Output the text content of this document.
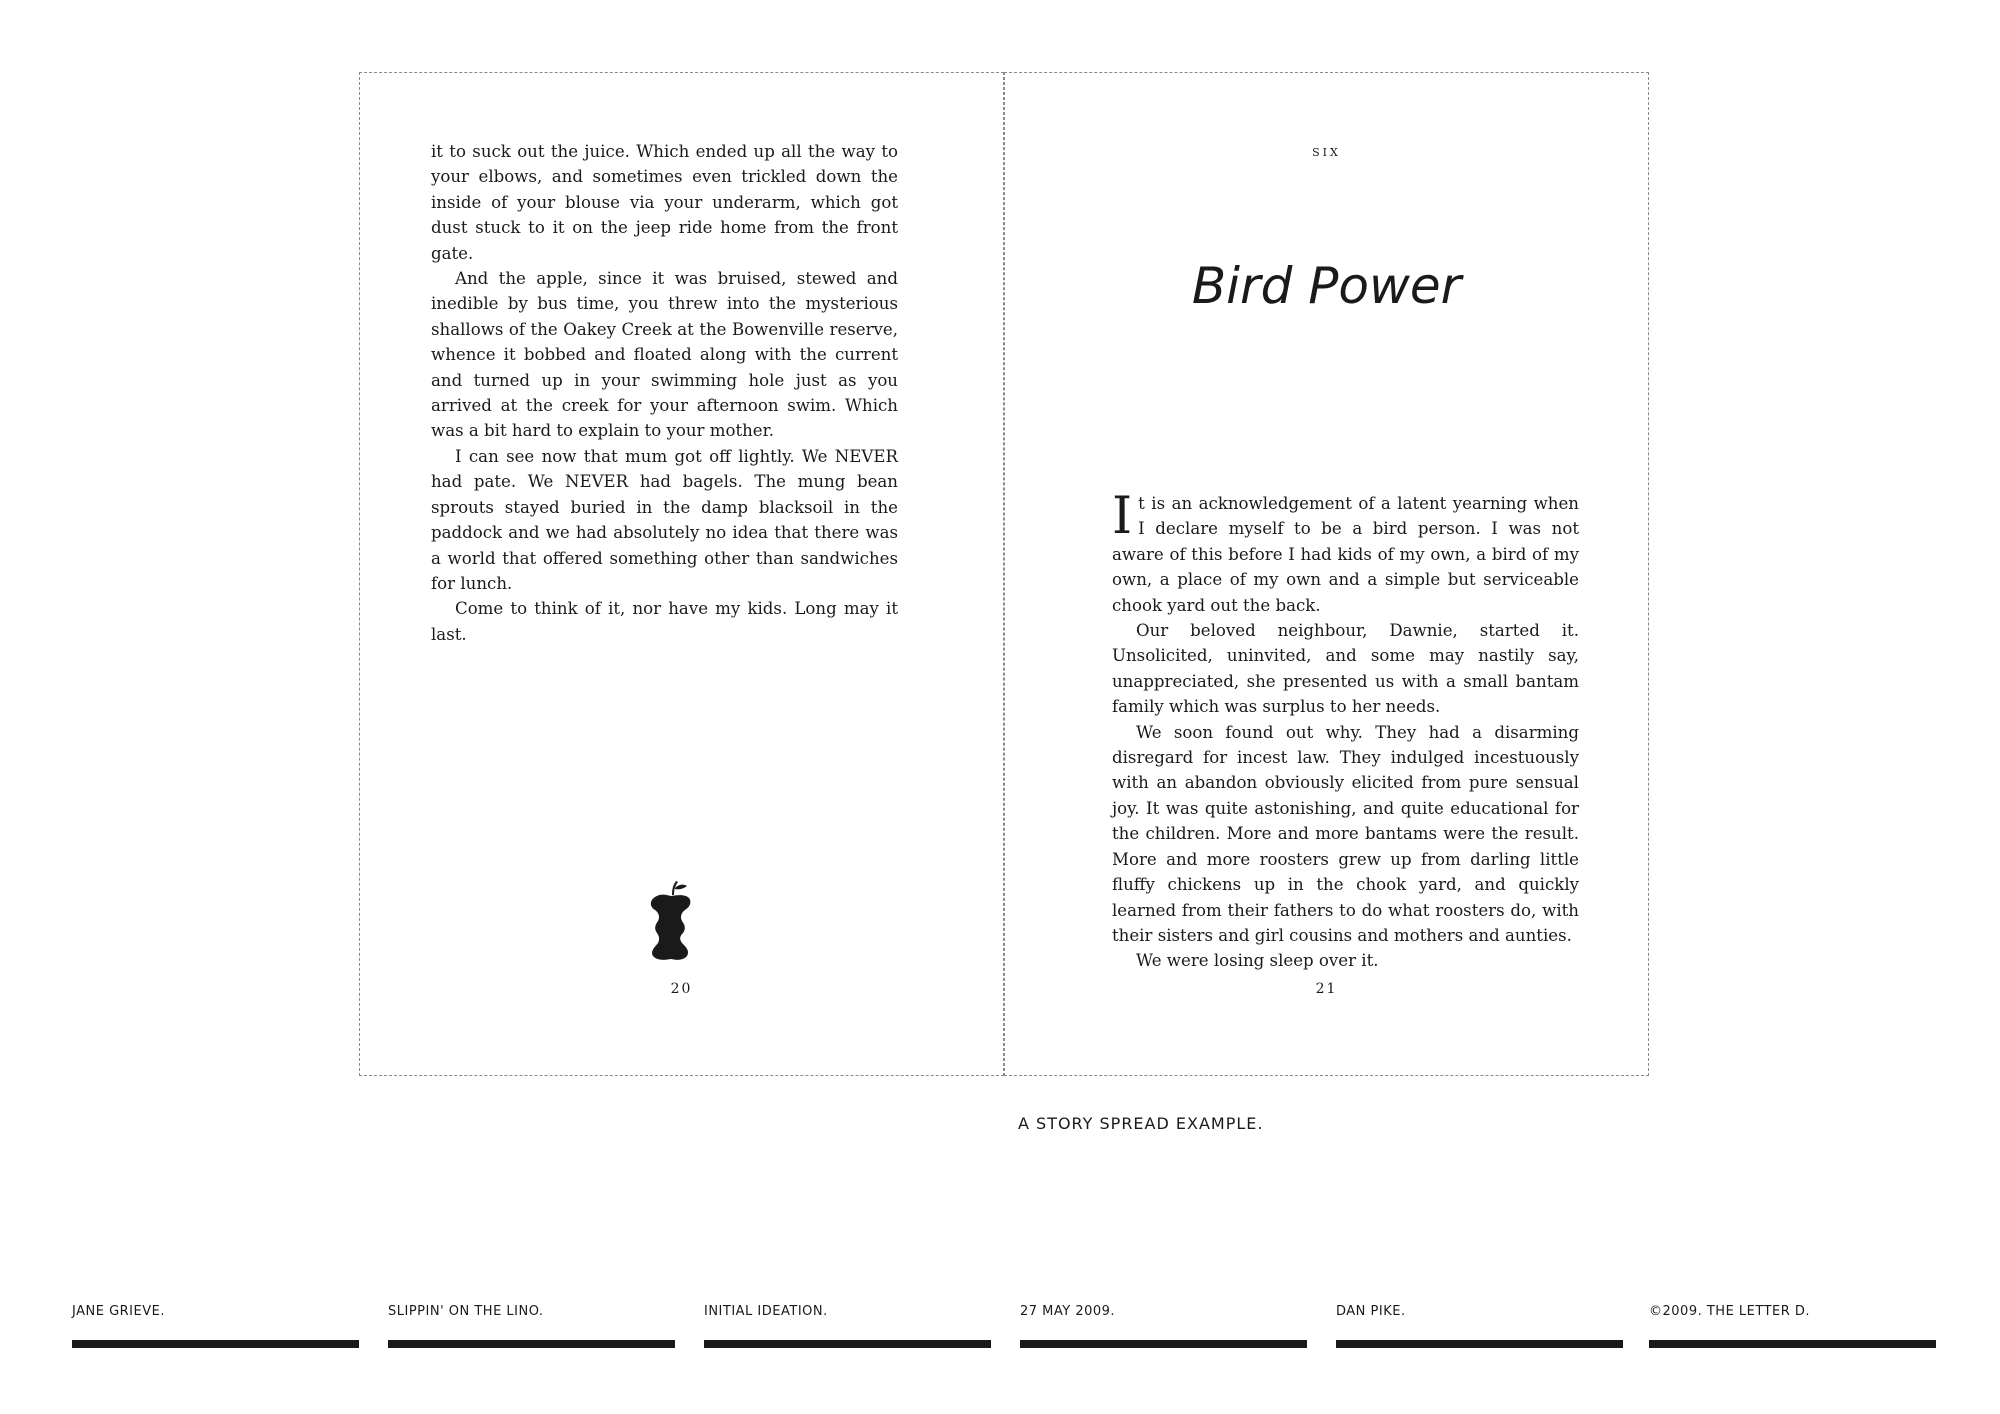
it to suck out the juice. Which ended up all the way to your elbows, and sometimes even trickled down the inside of your blouse via your underarm, which got dust stuck to it on the jeep ride home from the front gate.

And the apple, since it was bruised, stewed and inedible by bus time, you threw into the mysterious shallows of the Oakey Creek at the Bowenville reserve, whence it bobbed and floated along with the current and turned up in your swimming hole just as you arrived at the creek for your afternoon swim. Which was a bit hard to explain to your mother.

I can see now that mum got off lightly. We NEVER had pate. We NEVER had bagels. The mung bean sprouts stayed buried in the damp blacksoil in the paddock and we had absolutely no idea that there was a world that offered something other than sandwiches for lunch.

Come to think of it, nor have my kids. Long may it last.

20
six
Bird Power

It is an acknowledgement of a latent yearning when I declare myself to be a bird person. I was not aware of this before I had kids of my own, a bird of my own, a place of my own and a simple but serviceable chook yard out the back.

Our beloved neighbour, Dawnie, started it. Unsolicited, uninvited, and some may nastily say, unappreciated, she presented us with a small bantam family which was surplus to her needs.

We soon found out why. They had a disarming disregard for incest law. They indulged incestuously with an abandon obviously elicited from pure sensual joy. It was quite astonishing, and quite educational for the children. More and more bantams were the result. More and more roosters grew up from darling little fluffy chickens up in the chook yard, and quickly learned from their fathers to do what roosters do, with their sisters and girl cousins and mothers and aunties.

We were losing sleep over it.

21
A STORY SPREAD EXAMPLE.
JANE GRIEVE.	SLIPPIN' ON THE LINO.	INITIAL IDEATION.	27 MAY 2009.	DAN PIKE.	©2009. THE LETTER D.
